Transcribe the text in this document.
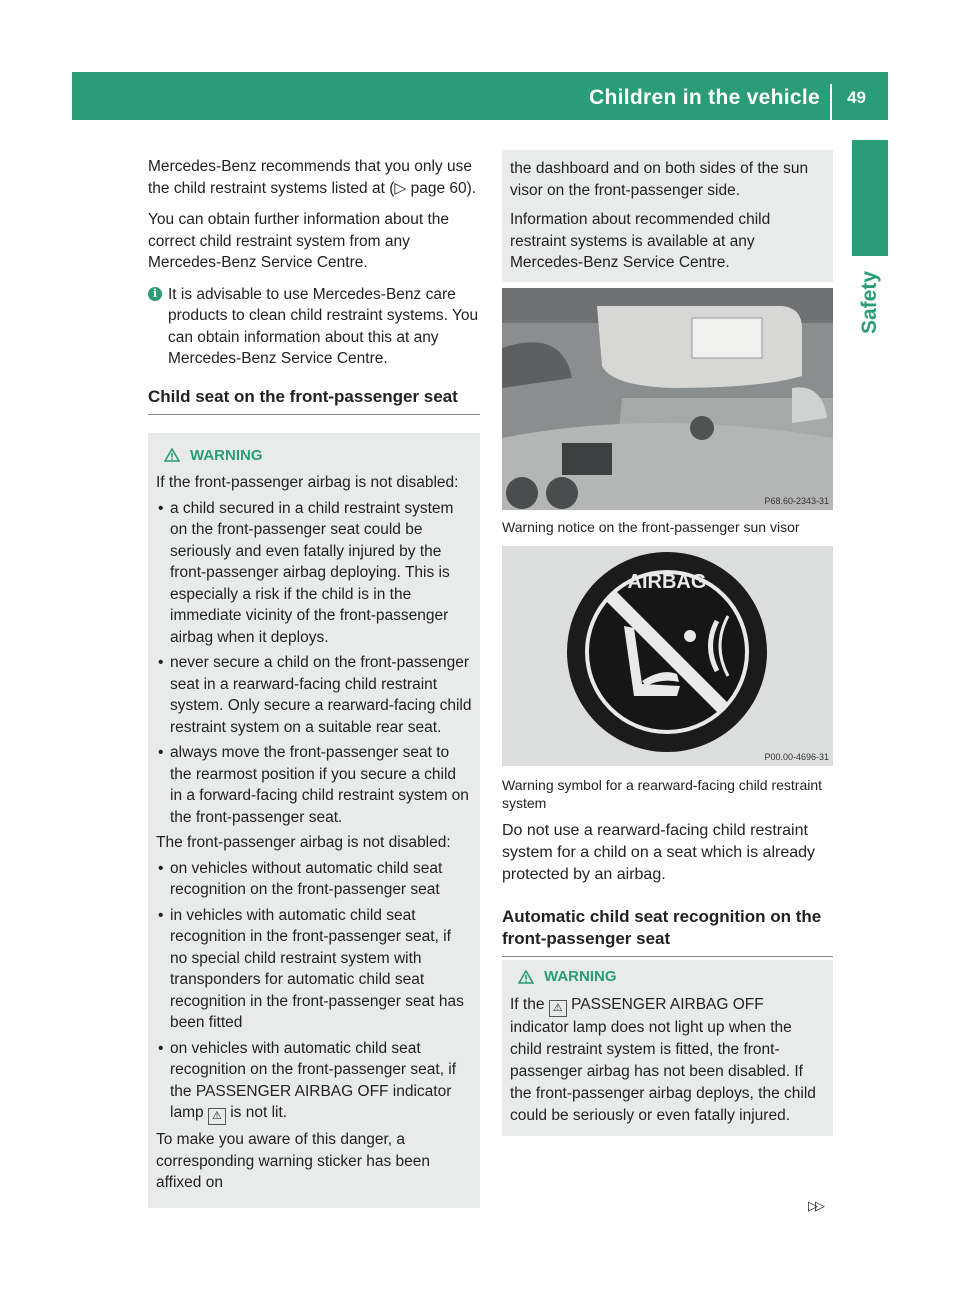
Children in the vehicle 49
Safety

Mercedes-Benz recommends that you only use the child restraint systems listed at (▷ page 60).

You can obtain further information about the correct child restraint system from any Mercedes-Benz Service Centre.

i It is advisable to use Mercedes-Benz care products to clean child restraint systems. You can obtain information about this at any Mercedes-Benz Service Centre.
Child seat on the front-passenger seat
WARNING

If the front-passenger airbag is not disabled:

• a child secured in a child restraint system on the front-passenger seat could be seriously and even fatally injured by the front-passenger airbag deploying. This is especially a risk if the child is in the immediate vicinity of the front-passenger airbag when it deploys.
• never secure a child on the front-passenger seat in a rearward-facing child restraint system. Only secure a rearward-facing child restraint system on a suitable rear seat.
• always move the front-passenger seat to the rearmost position if you secure a child in a forward-facing child restraint system on the front-passenger seat.

The front-passenger airbag is not disabled:

• on vehicles without automatic child seat recognition on the front-passenger seat
• in vehicles with automatic child seat recognition in the front-passenger seat, if no special child restraint system with transponders for automatic child seat recognition in the front-passenger seat has been fitted
• on vehicles with automatic child seat recognition on the front-passenger seat, if the PASSENGER AIRBAG OFF indicator lamp ⚠ is not lit.

To make you aware of this danger, a corresponding warning sticker has been affixed on

the dashboard and on both sides of the sun visor on the front-passenger side.

Information about recommended child restraint systems is available at any Mercedes-Benz Service Centre.

P68.60-2343-31
Warning notice on the front-passenger sun visor
AIRBAG
P00.00-4696-31
Warning symbol for a rearward-facing child restraint system
Do not use a rearward-facing child restraint system for a child on a seat which is already protected by an airbag.
Automatic child seat recognition on the front-passenger seat
WARNING
If the ⚠ PASSENGER AIRBAG OFF indicator lamp does not light up when the child restraint system is fitted, the front-passenger airbag has not been disabled. If the front-passenger airbag deploys, the child could be seriously or even fatally injured.
▷▷
